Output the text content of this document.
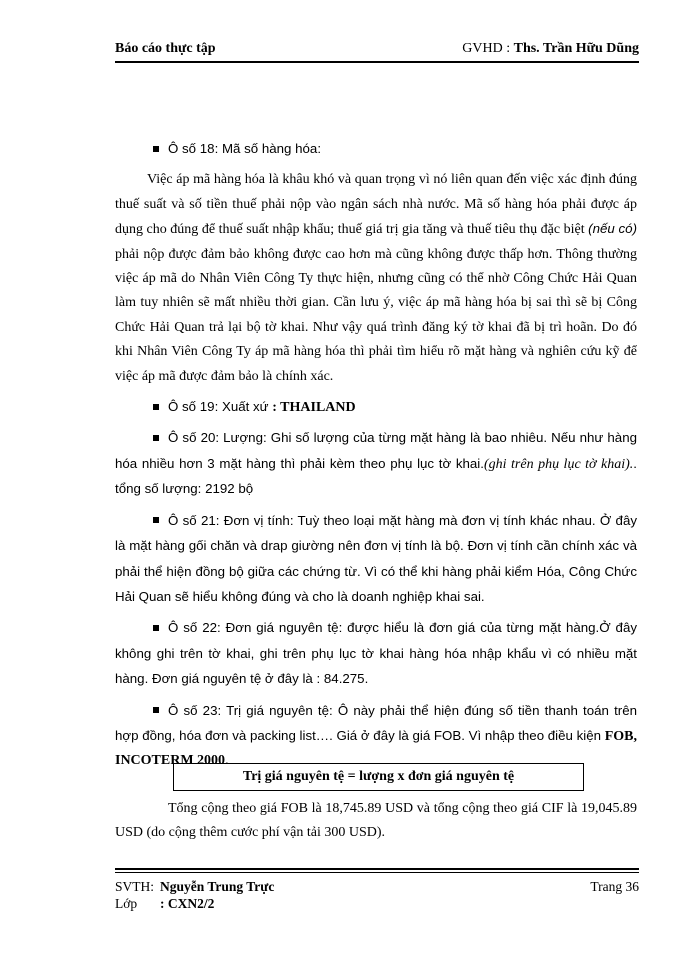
Báo cáo thực tập	GVHD : Ths. Trần Hữu Dũng

Ô số 18: Mã số hàng hóa:

Việc áp mã hàng hóa là khâu khó và quan trọng vì nó liên quan đến việc xác định đúng thuế suất và số tiền thuế phải nộp vào ngân sách nhà nước. Mã số hàng hóa phải được áp dụng cho đúng để thuế suất nhập khẩu; thuế giá trị gia tăng và thuế tiêu thụ đặc biệt (nếu có) phải nộp được đảm bảo không được cao hơn mà cũng không được thấp hơn. Thông thường việc áp mã do Nhân Viên Công Ty thực hiện, nhưng cũng có thể nhờ Công Chức Hải Quan làm tuy nhiên sẽ mất nhiều thời gian. Cần lưu ý, việc áp mã hàng hóa bị sai thì sẽ bị Công Chức Hải Quan trả lại bộ tờ khai. Như vậy quá trình đăng ký tờ khai đã bị trì hoãn. Do đó khi Nhân Viên Công Ty áp mã hàng hóa thì phải tìm hiểu rõ mặt hàng và nghiên cứu kỹ để việc áp mã được đảm bảo là chính xác.

Ô số 19: Xuất xứ : THAILAND

Ô số 20: Lượng: Ghi số lượng của từng mặt hàng là bao nhiêu. Nếu như hàng hóa nhiều hơn 3 mặt hàng thì phải kèm theo phụ lục tờ khai.(ghi trên phụ lục tờ khai).. tổng số lượng: 2192 bộ

Ô số 21: Đơn vị tính: Tuỳ theo loại mặt hàng mà đơn vị tính khác nhau. Ở đây là mặt hàng gối chăn và drap giường nên đơn vị tính là bộ. Đơn vị tính cần chính xác và phải thể hiện đồng bộ giữa các chứng từ. Vì có thể khi hàng phải kiểm Hóa, Công Chức Hải Quan sẽ hiểu không đúng và cho là doanh nghiệp khai sai.

Ô số 22: Đơn giá nguyên tệ: được hiểu là đơn giá của từng mặt hàng.Ở đây không ghi trên tờ khai, ghi trên phụ lục tờ khai hàng hóa nhập khẩu vì có nhiều mặt hàng. Đơn giá nguyên tệ ở đây là : 84.275.

Ô số 23: Trị giá nguyên tệ: Ô này phải thể hiện đúng số tiền thanh toán trên hợp đồng, hóa đơn và packing list…. Giá ở đây là giá FOB. Vì nhập theo điều kiện FOB, INCOTERM 2000.

Trị giá nguyên tệ = lượng x đơn giá nguyên tệ

Tổng cộng theo giá FOB là 18,745.89 USD và tổng cộng theo giá CIF là 19,045.89 USD (do cộng thêm cước phí vận tải 300 USD).

SVTH: Nguyễn Trung Trực	Trang 36
Lớp : CXN2/2
